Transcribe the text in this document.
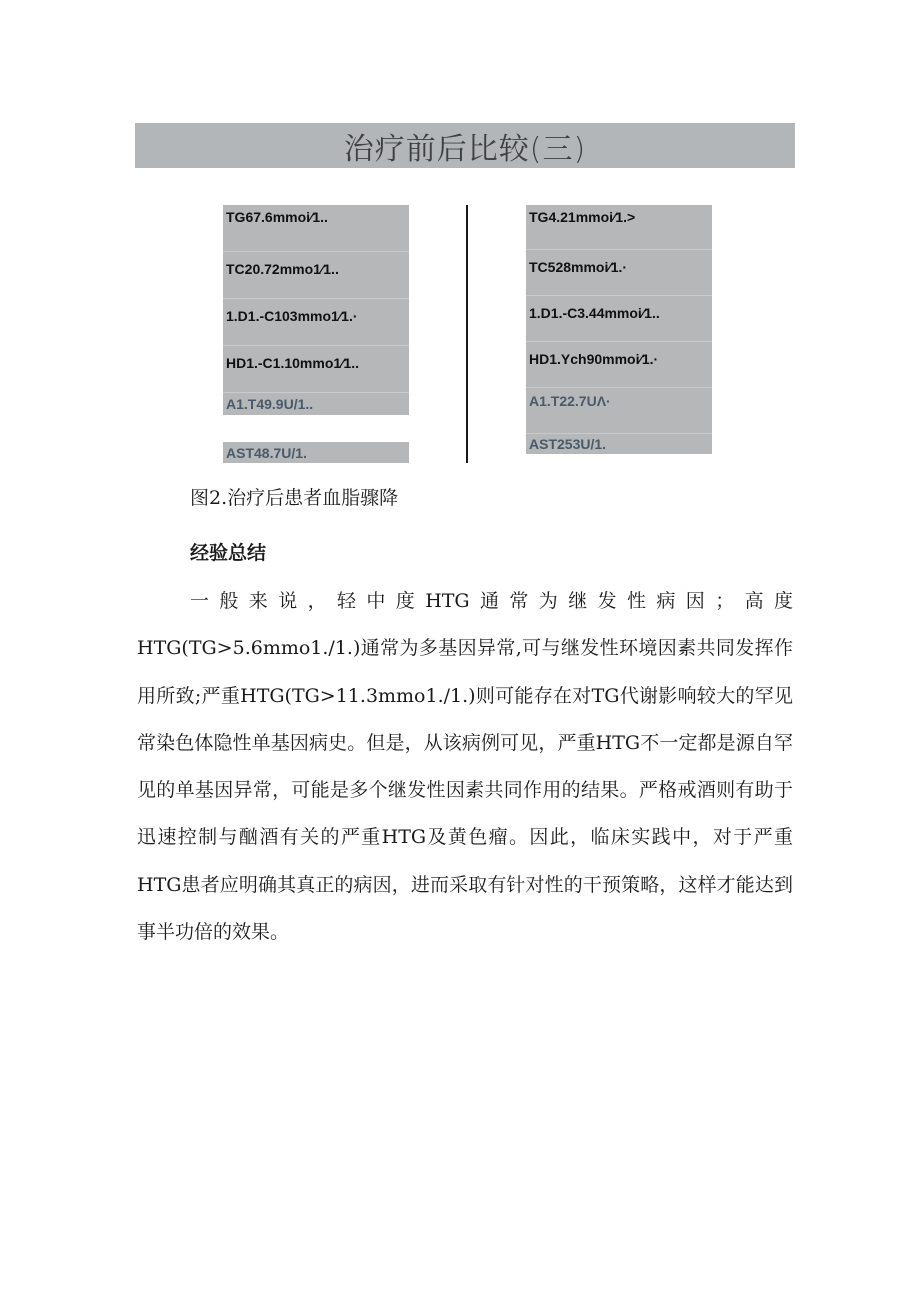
治疗前后比较(三)
TG67.6mmoi⁄1..
TC20.72mmo1⁄1..
1.D1.-C103mmo1⁄1.·
HD1.-C1.10mmo1⁄1..
A1.T49.9U/1..
AST48.7U/1.
TG4.21mmoi⁄1.>
TC528mmoi⁄1.·
1.D1.-C3.44mmoi⁄1..
HD1.Ych90mmoi⁄1.·
A1.T22.7UΛ·
AST253U/1.
图2.治疗后患者血脂骤降
经验总结

一般来说，轻中度HTG通常为继发性病因；高度HTG(TG>5.6mmo1./1.)通常为多基因异常,可与继发性环境因素共同发挥作用所致;严重HTG(TG>11.3mmo1./1.)则可能存在对TG代谢影响较大的罕见常染色体隐性单基因病史。但是，从该病例可见，严重HTG不一定都是源自罕见的单基因异常，可能是多个继发性因素共同作用的结果。严格戒酒则有助于迅速控制与酗酒有关的严重HTG及黄色瘤。因此，临床实践中，对于严重HTG患者应明确其真正的病因，进而采取有针对性的干预策略，这样才能达到事半功倍的效果。
